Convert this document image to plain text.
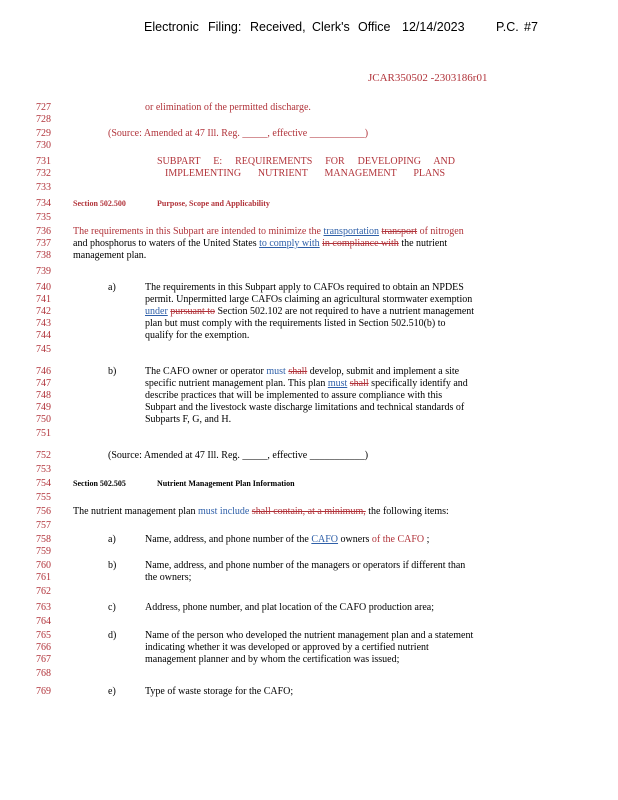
Electronic Filing: Received, Clerk's Office 12/14/2023	P.C. #7
JCAR350502 -2303186r01
727
728
729
730
731
732
733
734
735
736
737
738
739
740
741
742
743
744
745
746
747
748
749
750
751
752
753
754
755
756
757
758
759
760
761
762
763
764
765
766
767
768
769
or elimination of the permitted discharge.
(Source: Amended at 47 Ill. Reg. _____, effective ___________)
SUBPART E: REQUIREMENTS FOR DEVELOPING AND
IMPLEMENTING NUTRIENT MANAGEMENT PLANS
Section 502.500	Purpose, Scope and Applicability
The requirements in this Subpart are intended to minimize the transportation transport of nitrogen
and phosphorus to waters of the United States to comply with in compliance with the nutrient
management plan.
a)	The requirements in this Subpart apply to CAFOs required to obtain an NPDES
permit. Unpermitted large CAFOs claiming an agricultural stormwater exemption
under pursuant to Section 502.102 are not required to have a nutrient management
plan but must comply with the requirements listed in Section 502.510(b) to
qualify for the exemption.
b)	The CAFO owner or operator must shall develop, submit and implement a site
specific nutrient management plan. This plan must shall specifically identify and
describe practices that will be implemented to assure compliance with this
Subpart and the livestock waste discharge limitations and technical standards of
Subparts F, G, and H.
(Source: Amended at 47 Ill. Reg. _____, effective ___________)
Section 502.505	Nutrient Management Plan Information
The nutrient management plan must include shall contain, at a minimum, the following items:
a)	Name, address, and phone number of the CAFO owners of the CAFO ;
b)	Name, address, and phone number of the managers or operators if different than
the owners;
c)	Address, phone number, and plat location of the CAFO production area;
d)	Name of the person who developed the nutrient management plan and a statement
indicating whether it was developed or approved by a certified nutrient
management planner and by whom the certification was issued;
e)	Type of waste storage for the CAFO;
